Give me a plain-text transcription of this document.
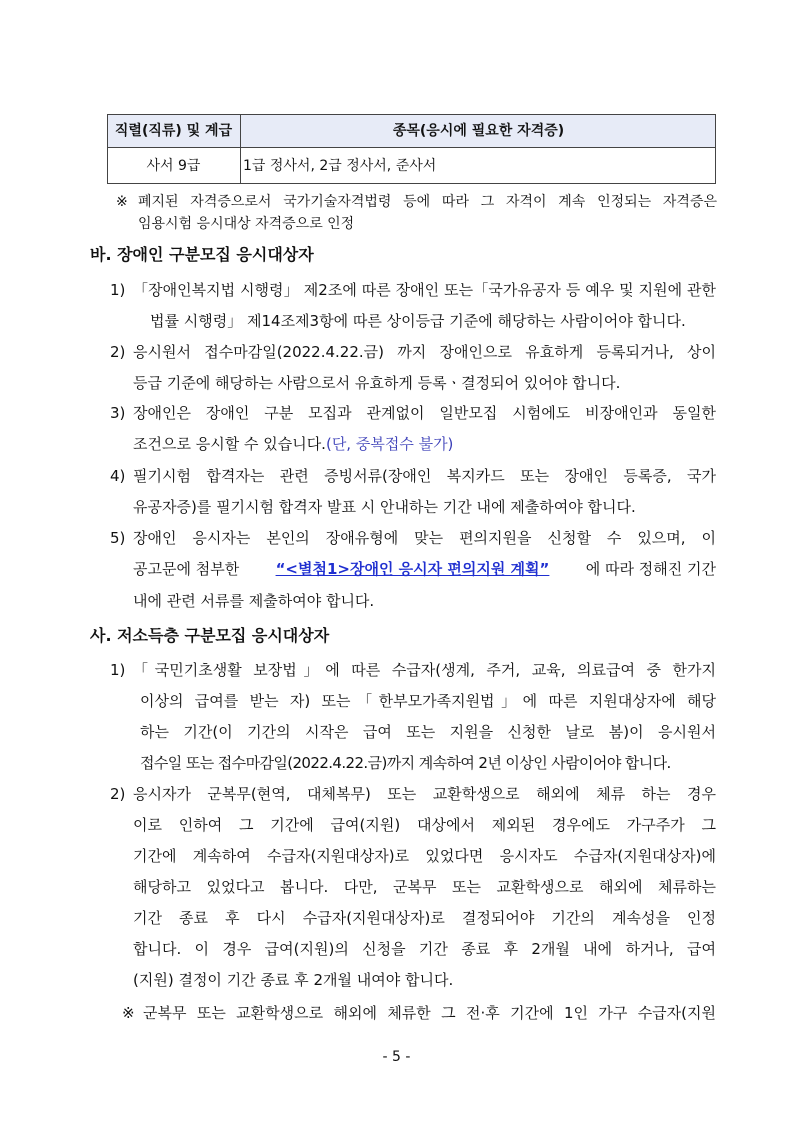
직렬(직류) 및 계급	종목(응시에 필요한 자격증)
사서 9급	1급 정사서, 2급 정사서, 준사서
※ 폐지된 자격증으로서 국가기술자격법령 등에 따라 그 자격이 계속 인정되는 자격증은
임용시험 응시대상 자격증으로 인정
바. 장애인 구분모집 응시대상자
1) 「장애인복지법 시행령」 제2조에 따른 장애인 또는「국가유공자 등 예우 및 지원에 관한
법률 시행령」 제14조제3항에 따른 상이등급 기준에 해당하는 사람이어야 합니다.
2) 응시원서 접수마감일(2022.4.22.금) 까지 장애인으로 유효하게 등록되거나, 상이
등급 기준에 해당하는 사람으로서 유효하게 등록ㆍ결정되어 있어야 합니다.
3) 장애인은 장애인 구분 모집과 관계없이 일반모집 시험에도 비장애인과 동일한
조건으로 응시할 수 있습니다.(단, 중복접수 불가)
4) 필기시험 합격자는 관련 증빙서류(장애인 복지카드 또는 장애인 등록증, 국가
유공자증)를 필기시험 합격자 발표 시 안내하는 기간 내에 제출하여야 합니다.
5) 장애인 응시자는 본인의 장애유형에 맞는 편의지원을 신청할 수 있으며, 이
공고문에 첨부한 “<별첨1>장애인 응시자 편의지원 계획” 에 따라 정해진 기간
내에 관련 서류를 제출하여야 합니다.
사. 저소득층 구분모집 응시대상자
1) 「국민기초생활 보장법」에 따른 수급자(생계, 주거, 교육, 의료급여 중 한가지
이상의 급여를 받는 자) 또는「한부모가족지원법」에 따른 지원대상자에 해당
하는 기간(이 기간의 시작은 급여 또는 지원을 신청한 날로 봄)이 응시원서
접수일 또는 접수마감일(2022.4.22.금)까지 계속하여 2년 이상인 사람이어야 합니다.
2) 응시자가 군복무(현역, 대체복무) 또는 교환학생으로 해외에 체류 하는 경우
이로 인하여 그 기간에 급여(지원) 대상에서 제외된 경우에도 가구주가 그
기간에 계속하여 수급자(지원대상자)로 있었다면 응시자도 수급자(지원대상자)에
해당하고 있었다고 봅니다. 다만, 군복무 또는 교환학생으로 해외에 체류하는
기간 종료 후 다시 수급자(지원대상자)로 결정되어야 기간의 계속성을 인정
합니다. 이 경우 급여(지원)의 신청을 기간 종료 후 2개월 내에 하거나, 급여
(지원) 결정이 기간 종료 후 2개월 내여야 합니다.
※ 군복무 또는 교환학생으로 해외에 체류한 그 전·후 기간에 1인 가구 수급자(지원
- 5 -
